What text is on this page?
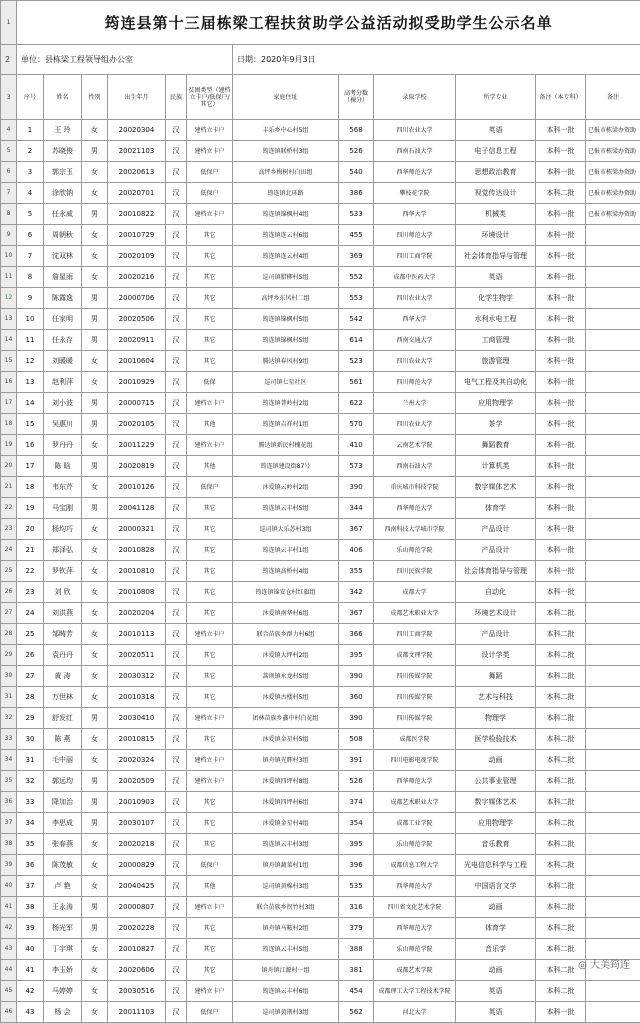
1	筠连县第十三届栋梁工程扶贫助学公益活动拟受助学生公示名单											
2	单位：县栋梁工程领导组办公室						日期：2020年9月3日					
3	序号	姓名	性别	出生年月	民族	贫困类型（建档立卡户/低保户/其它）	家庭住址	高考分数（裸分）	录取学校	所学专业	备注（本专科）	备注
4	1	王 玲	女	20020304	汉	建档立卡户	丰乐乡中心村5组	568	四川农业大学	英语	本科一批	已报市栋梁办资助
5	2	苏晓俊	男	20021103	汉	建档立卡户	筠连镇联桥村3组	526	西南石油大学	电子信息工程	本科一批	已报市栋梁办资助
6	3	郭宗玉	女	20020613	汉	低保户	高坪乡梅树村白田组	540	西华师范大学	思想政治教育	本科一批	已报市栋梁办资助
7	4	涂欣钠	女	20020701	汉	低保户	筠连镇北环路	386	攀枝花学院	视觉传达设计	本科二批	已报市栋梁办资助
8	5	任永威	男	20010822	汉	建档立卡户	筠连镇锦枫村4组	533	西华大学	机械类	本科一批	已报市栋梁办资助
9	6	周朝秋	女	20010729	汉	其它	筠连镇连云村6组	455	四川师范大学	环境设计	本科一批	
10	7	沈双林	女	20020109	汉	其它	筠连镇连云村4组	369	四川工商学院	社会体育指导与管理	本科一批	
11	8	詹星雨	女	20020216	汉	其它	巡司镇腊柳村5组	552	成都中医药大学	英语	本科一批	
12	9	陈露逸	男	20000706	汉	其它	高坪乡东风村二组	553	四川农业大学	化学生物学	本科一批	
13	10	任家明	男	20020506	汉	其它	筠连镇锦枫村5组	542	西华大学	水利水电工程	本科一批	
14	11	任永存	男	20020911	汉	其它	筠连镇锦枫村5组	614	西南交通大学	工商管理	本科一批	
15	12	刘暖暖	女	20010604	汉	其它	腾达镇春风村9组	523	四川农业大学	旅游管理	本科一批	
16	13	赵利萍	女	20010929	汉	低保	巡司镇七星社区	561	四川师范大学	电气工程及其自动化	本科一批	
17	14	刘小波	男	20000715	汉	建档立卡户	筠连镇普岭村2组	622	兰州大学	应用物理学	本科一批	
18	15	吴惠川	男	20020105	汉	其他	筠连镇吉祥村1组	570	四川农业大学	茶学	本科一批	
19	16	罗丹丹	女	20011229	汉	建档立卡户	腾达镇新民村槐花组	410	云南艺术学院	舞蹈教育	本科一批	
20	17	陈 晗	男	20020819	汉	其他	筠连镇建设街87号	573	西南石油大学	计算机类	本科一批	
21	18	韦东芹	女	20010126	汉	低保户	沐爱镇云岭村2组	390	重庆城市科技学院	数字媒体艺术	本科一批	
22	19	马宝刚	男	20041128	汉	其它	筠连镇云丰村5组	344	西华师范大学	体育学	本科一批	
23	20	杨均巧	女	20000321	汉	其它	巡司镇大乐苏村3组	367	西南科技大学城市学院	产品设计	本科一批	
24	21	郑泽弘	女	20010828	汉	其它	筠连镇云丰村1组	406	乐山师范学院	产品设计	本科一批	
25	22	罗钦萍	女	20010810	汉	其它	筠连镇高桥村4组	355	四川民族学院	社会体育指导与管理	本科一批	
26	23	刘 欣	女	20010808	汉	其它	筠连镇锦安仓村红旗组	342	成都大学	自动化	本科一批	
27	24	刘洪燕	女	20020204	汉	其它	沐爱镇南华村6组	367	成都艺术职业大学	环境艺术设计	本科二批	
28	25	邹畴芳	女	20010113	汉	建档立卡户	联合苗族乡群力村6组	366	四川工商学院	产品设计	本科二批	
29	26	袁丹丹	女	20020511	汉	其它	沐爱镇大坪村2组	395	成都文理学院	设计学类	本科二批	
30	27	黄 涛	女	20030312	汉	其它	蒿坝镇永龙村5组	390	四川传媒学院	舞蹈	本科二批	
31	28	万世林	女	20010318	汉	其它	沐爱镇古楼村5组	360	四川传媒学院	艺术与科技	本科二批	
32	29	舒发红	男	20030410	汉	建档立卡户	团林苗族乡鑫中村白花组	390	四川传媒学院	物理学	本科二批	
33	30	陈 燕	女	20010815	汉	其它	沐爱镇金星村5组	508	成都医学院	医学检验技术	本科二批	
34	31	毛中丽	女	20020324	汉	建档立卡户	镇舟镇光辉村3组	391	四川电影电视学院	动画	本科二批	
35	32	郭远均	男	20020509	汉	建档立卡户	沐爱镇四坪村8组	526	西华师范大学	公共事业管理	本科二批	
36	33	降加治	男	20010903	汉	其它	沐爱镇四坪村6组	374	成都艺术职业大学	数字媒体艺术	本科二批	
37	34	李思成	男	20030107	汉	其它	沐爱镇金星村4组	354	成都工业学院	应用物理学	本科二批	
38	35	张春燕	女	20020218	汉	其它	筠连镇云丰村3组	395	乐山师范学院	音乐教育	本科二批	
39	36	陈茂敏	女	20000829	汉	低保户	镇舟镇蔬菜村1组	396	成都信息工程大学	光电信息科学与工程	本科二批	
40	37	卢 艳	女	20040425	汉	其他	巡司镇黄棉村3组	535	西华师范大学	中国语言文学	本科二批	
41	38	王永涛	男	20000807	汉	建档立卡户	联合苗族乡拐竹村3组	316	四川省文化艺术学院	动画	本科二批	
42	39	杨光军	男	20020228	汉	其它	镇舟镇马鞍村2组	379	西华师范大学	体育学	本科二批	
43	40	丁宇琪	女	20010827	汉	其它	筠连镇云丰村5组	388	乐山师范学院	音乐学	本科二批	
44	41	李玉娇	女	20020606	汉	其它	镇舟镇江源村一组	381	成都艺术学院	动画	本科二批	
45	42	马婷婷	女	20030516	汉	建档立卡户	筠连镇云丰村6组	454	成都理工大学工程技术学院	英语	本科二批	
46	43	杨 会	女	20011103	汉	低保户	巡司镇黄荆村3组	562	河北大学	英语	本科一批	
◎ 大美筠连
